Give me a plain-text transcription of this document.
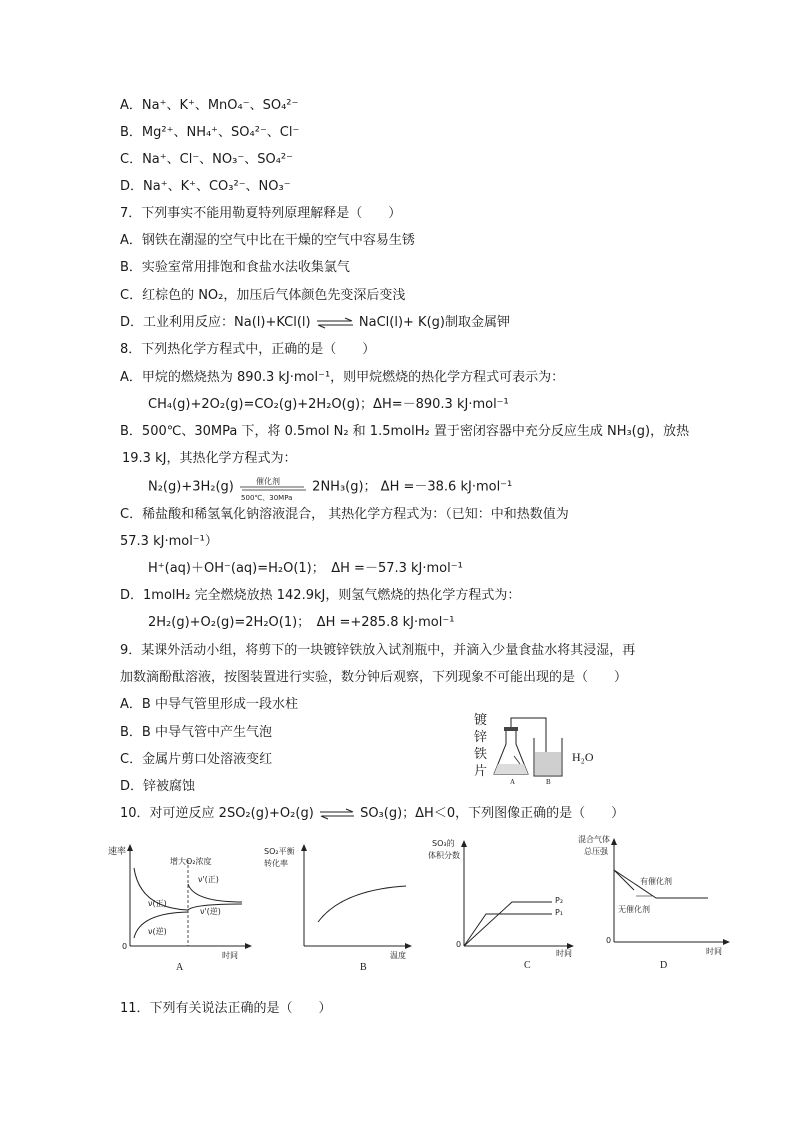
A．Na⁺、K⁺、MnO₄⁻、SO₄²⁻
B．Mg²⁺、NH₄⁺、SO₄²⁻、Cl⁻
C．Na⁺、Cl⁻、NO₃⁻、SO₄²⁻
D．Na⁺、K⁺、CO₃²⁻、NO₃⁻
7．下列事实不能用勒夏特列原理解释是（　　）
A．钢铁在潮湿的空气中比在干燥的空气中容易生锈
B．实验室常用排饱和食盐水法收集氯气
C．红棕色的 NO₂，加压后气体颜色先变深后变浅
D．工业利用反应：Na(l)+KCl(l) ⇌ NaCl(l)+ K(g)制取金属钾
8．下列热化学方程式中，正确的是（　　）
A．甲烷的燃烧热为 890.3 kJ·mol⁻¹，则甲烷燃烧的热化学方程式可表示为：
CH₄(g)+2O₂(g)=CO₂(g)+2H₂O(g)；ΔH=－890.3 kJ·mol⁻¹
B．500℃、30MPa 下，将 0.5mol N₂ 和 1.5molH₂ 置于密闭容器中充分反应生成 NH₃(g)，放热
19.3 kJ，其热化学方程式为：
N₂(g)+3H₂(g)	催化剂
500℃、30MPa
2NH₃(g)； ΔH =－38.6 kJ·mol⁻¹
C．稀盐酸和稀氢氧化钠溶液混合， 其热化学方程式为：（已知：中和热数值为
57.3 kJ·mol⁻¹）
H⁺(aq)＋OH⁻(aq)=H₂O(1)；　ΔH =－57.3 kJ·mol⁻¹
D．1molH₂ 完全燃烧放热 142.9kJ，则氢气燃烧的热化学方程式为：
2H₂(g)+O₂(g)=2H₂O(1)；　ΔH =+285.8 kJ·mol⁻¹
9．某课外活动小组，将剪下的一块镀锌铁放入试剂瓶中，并滴入少量食盐水将其浸湿，再
加数滴酚酞溶液，按图装置进行实验，数分钟后观察，下列现象不可能出现的是（　　）
A．B 中导气管里形成一段水柱
B．B 中导气管中产生气泡
C．金属片剪口处溶液变红
D．锌被腐蚀
镀
锌
铁
片
A	B
H₂O
10．对可逆反应 2SO₂(g)+O₂(g) ⇌ SO₃(g)；ΔH＜0，下列图像正确的是（　　）
速率
增大O₂浓度
ν'(正)
ν'(逆)
ν(正)
ν(逆)
0
时间
A
SO₂平衡
转化率
温度
B
SO₃的
体积分数
P₂
P₁
0
时间
C
混合气体
总压强
有催化剂
无催化剂
0
时间
D
11．下列有关说法正确的是（　　）
